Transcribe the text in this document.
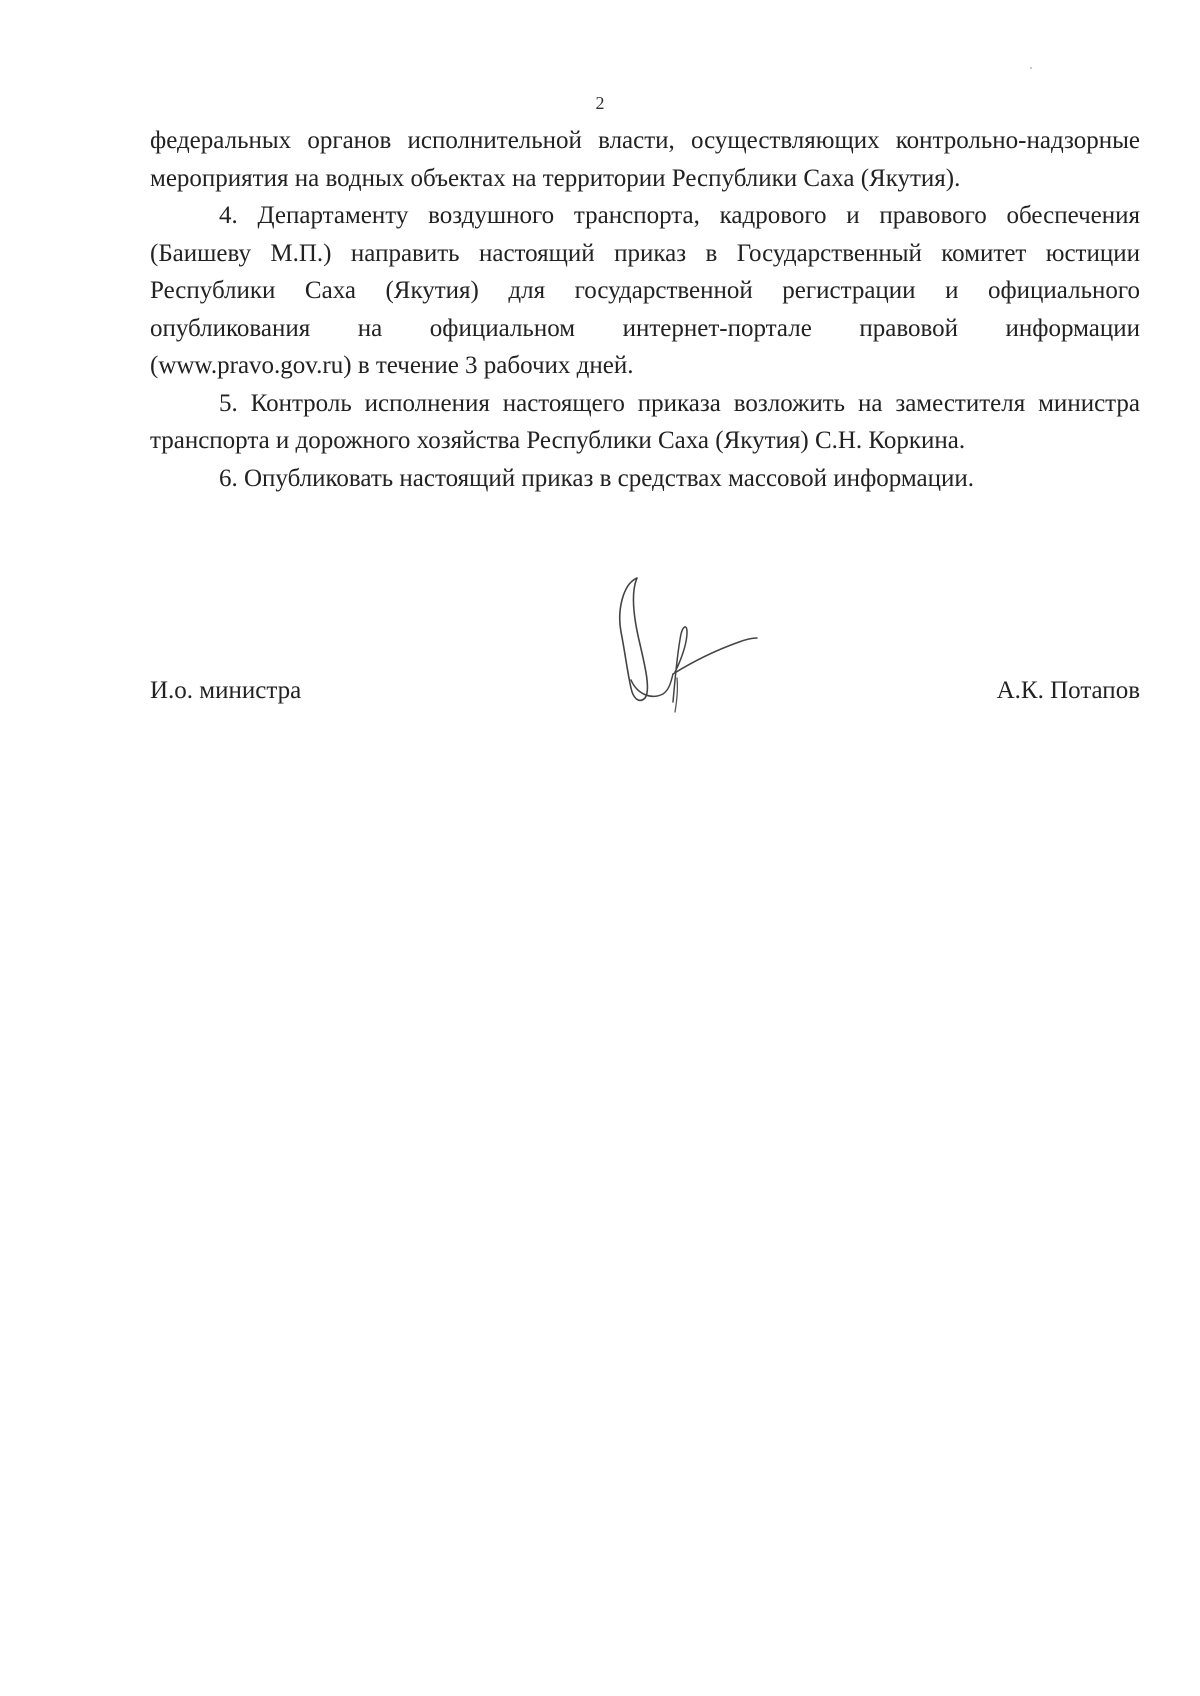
2

федеральных органов исполнительной власти, осуществляющих контрольно-надзорные мероприятия на водных объектах на территории Республики Саха (Якутия).

4. Департаменту воздушного транспорта, кадрового и правового обеспечения (Баишеву М.П.) направить настоящий приказ в Государственный комитет юстиции Республики Саха (Якутия) для государственной регистрации и официального опубликования на официальном интернет-портале правовой информации (www.pravo.gov.ru) в течение 3 рабочих дней.

5. Контроль исполнения настоящего приказа возложить на заместителя министра транспорта и дорожного хозяйства Республики Саха (Якутия) С.Н. Коркина.

6. Опубликовать настоящий приказ в средствах массовой информации.

И.о. министра	А.К. Потапов
